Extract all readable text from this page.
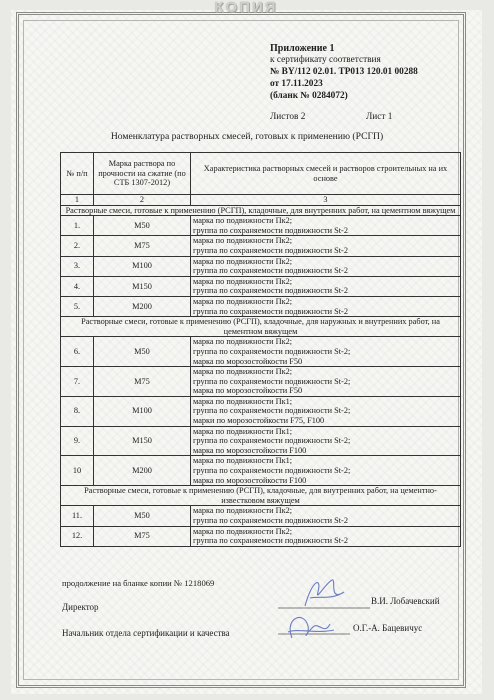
КОПИЯ
Приложение 1
к сертификату соответствия
№ BY/112 02.01. ТР013 120.01 00288
от 17.11.2023
(бланк № 0284072)
Листов 2	Лист 1
Номенклатура растворных смесей, готовых к применению (РСГП)
№ п/п	Марка раствора по прочности на сжатие (по СТБ 1307-2012)	Характеристика растворных смесей и растворов строительных на их основе
1	2	3
Растворные смеси, готовые к применению (РСГП), кладочные, для внутренних работ, на цементном вяжущем		
1.	М50	марка по подвижности Пк2;
группа по сохраняемости подвижности St-2

2.	М75	марка по подвижности Пк2;
группа по сохраняемости подвижности St-2

3.	М100	марка по подвижности Пк2;
группа по сохраняемости подвижности St-2

4.	М150	марка по подвижности Пк2;
группа по сохраняемости подвижности St-2

5.	М200	марка по подвижности Пк2;
группа по сохраняемости подвижности St-2

Растворные смеси, готовые к применению (РСГП), кладочные, для наружных и внутренних работ, на цементном вяжущем		
6.	М50	марка по подвижности Пк2;
группа по сохраняемости подвижности St-2;
марка по морозостойкости F50

7.	М75	марка по подвижности Пк2;
группа по сохраняемости подвижности St-2;
марка по морозостойкости F50

8.	М100	марка по подвижности Пк1;
группа по сохраняемости подвижности St-2;
марки по морозостойкости F75, F100

9.	М150	марка по подвижности Пк1;
группа по сохраняемости подвижности St-2;
марка по морозостойкости F100

10	М200	марка по подвижности Пк1;
группа по сохраняемости подвижности St-2;
марка по морозостойкости F100

Растворные смеси, готовые к применению (РСГП), кладочные, для внутренних работ, на цементно-известковом вяжущем		
11.	М50	марка по подвижности Пк2;
группа по сохраняемости подвижности St-2

12.	М75	марка по подвижности Пк2;
группа по сохраняемости подвижности St-2
продолжение на бланке копии № 1218069
Директор
В.И. Лобачевский
Начальник отдела сертификации и качества	О.Г.-А. Бацевичус
